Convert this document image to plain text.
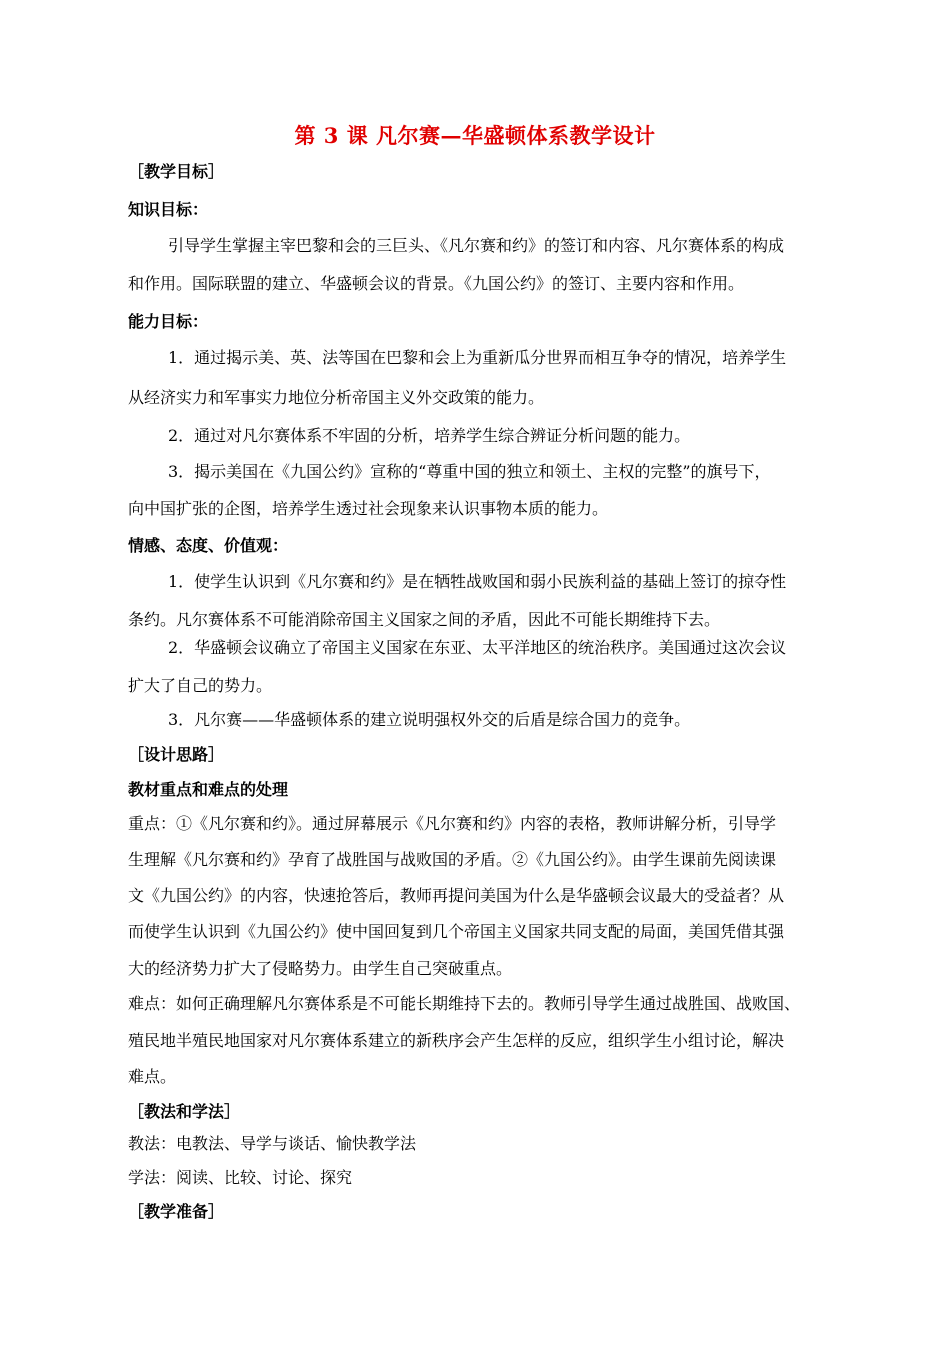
第 3 课 凡尔赛—华盛顿体系教学设计
［教学目标］
知识目标：
引导学生掌握主宰巴黎和会的三巨头、《凡尔赛和约》的签订和内容、凡尔赛体系的构成
和作用。国际联盟的建立、华盛顿会议的背景。《九国公约》的签订、主要内容和作用。
能力目标：
1．通过揭示美、英、法等国在巴黎和会上为重新瓜分世界而相互争夺的情况，培养学生
从经济实力和军事实力地位分析帝国主义外交政策的能力。
2．通过对凡尔赛体系不牢固的分析，培养学生综合辨证分析问题的能力。
3．揭示美国在《九国公约》宣称的“尊重中国的独立和领土、主权的完整”的旗号下，
向中国扩张的企图，培养学生透过社会现象来认识事物本质的能力。
情感、态度、价值观：
1．使学生认识到《凡尔赛和约》是在牺牲战败国和弱小民族利益的基础上签订的掠夺性
条约。凡尔赛体系不可能消除帝国主义国家之间的矛盾，因此不可能长期维持下去。
2．华盛顿会议确立了帝国主义国家在东亚、太平洋地区的统治秩序。美国通过这次会议
扩大了自己的势力。
3．凡尔赛——华盛顿体系的建立说明强权外交的后盾是综合国力的竞争。
［设计思路］
教材重点和难点的处理
重点：①《凡尔赛和约》。通过屏幕展示《凡尔赛和约》内容的表格，教师讲解分析，引导学
生理解《凡尔赛和约》孕育了战胜国与战败国的矛盾。②《九国公约》。由学生课前先阅读课
文《九国公约》的内容，快速抢答后，教师再提问美国为什么是华盛顿会议最大的受益者？从
而使学生认识到《九国公约》使中国回复到几个帝国主义国家共同支配的局面，美国凭借其强
大的经济势力扩大了侵略势力。由学生自己突破重点。
难点：如何正确理解凡尔赛体系是不可能长期维持下去的。教师引导学生通过战胜国、战败国、
殖民地半殖民地国家对凡尔赛体系建立的新秩序会产生怎样的反应，组织学生小组讨论，解决
难点。
［教法和学法］
教法：电教法、导学与谈话、愉快教学法
学法：阅读、比较、讨论、探究
［教学准备］
